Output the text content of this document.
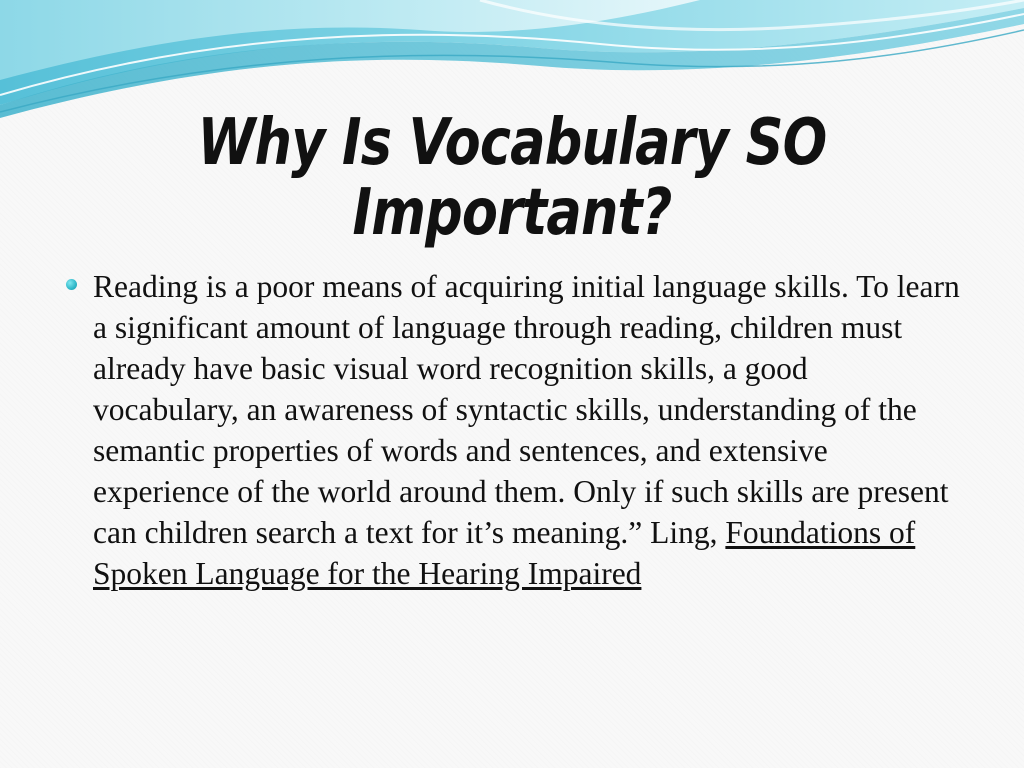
Why Is Vocabulary SO Important?

Reading is a poor means of acquiring initial language skills. To learn a significant amount of language through reading, children must already have basic visual word recognition skills, a good vocabulary, an awareness of syntactic skills, understanding of the semantic properties of words and sentences, and extensive experience of the world around them. Only if such skills are present can children search a text for it’s meaning.” Ling, Foundations of Spoken Language for the Hearing Impaired
